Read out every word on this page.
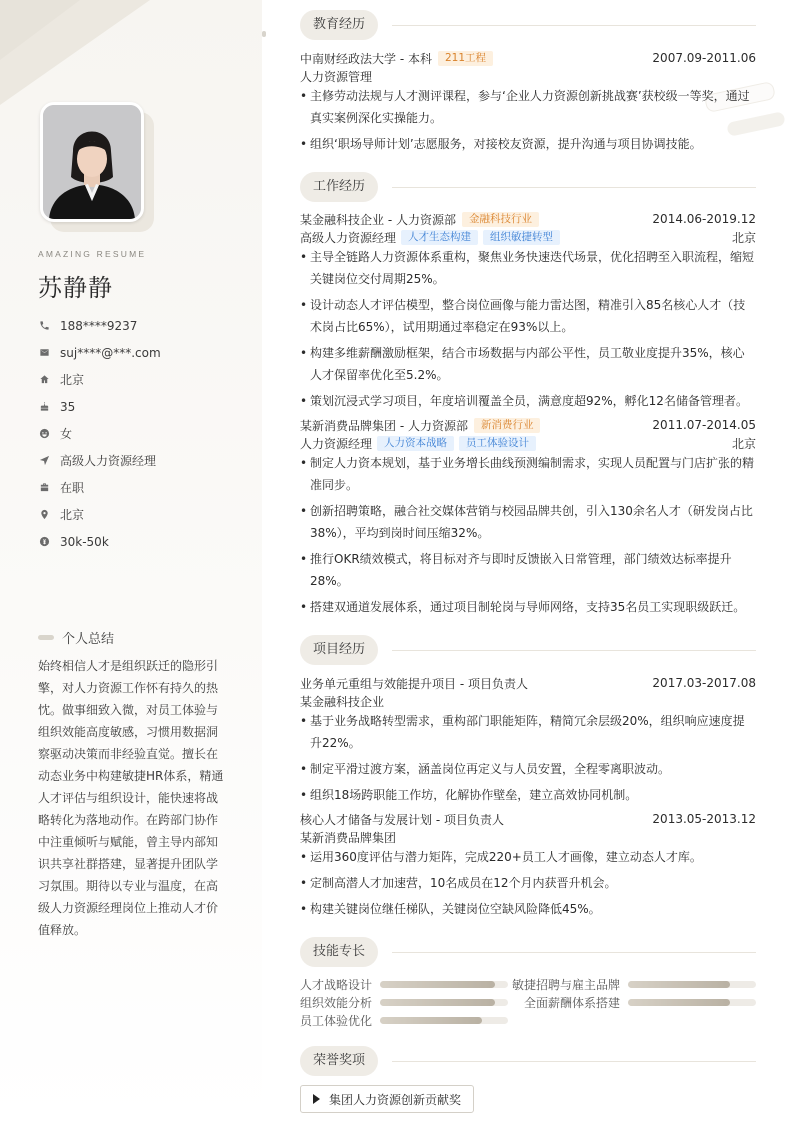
AMAZING RESUME
苏静静
188****9237
suj****@***.com
北京
35
女
高级人力资源经理
在职
北京
30k-50k
个人总结
始终相信人才是组织跃迁的隐形引擎，对人力资源工作怀有持久的热忱。做事细致入微，对员工体验与组织效能高度敏感，习惯用数据洞察驱动决策而非经验直觉。擅长在动态业务中构建敏捷HR体系，精通人才评估与组织设计，能快速将战略转化为落地动作。在跨部门协作中注重倾听与赋能，曾主导内部知识共享社群搭建，显著提升团队学习氛围。期待以专业与温度，在高级人力资源经理岗位上推动人才价值释放。
教育经历
中南财经政法大学 - 本科	211工程	2007.09-2011.06
人力资源管理
• 主修劳动法规与人才测评课程，参与‘企业人力资源创新挑战赛’获校级一等奖，通过真实案例深化实操能力。
• 组织‘职场导师计划’志愿服务，对接校友资源，提升沟通与项目协调技能。
工作经历
某金融科技企业 - 人力资源部	金融科技行业	2014.06-2019.12
高级人力资源经理	人才生态构建	组织敏捷转型	北京
• 主导全链路人力资源体系重构，聚焦业务快速迭代场景，优化招聘至入职流程，缩短关键岗位交付周期25%。
• 设计动态人才评估模型，整合岗位画像与能力雷达图，精准引入85名核心人才（技术岗占比65%），试用期通过率稳定在93%以上。
• 构建多维薪酬激励框架，结合市场数据与内部公平性，员工敬业度提升35%，核心人才保留率优化至5.2%。
• 策划沉浸式学习项目，年度培训覆盖全员，满意度超92%，孵化12名储备管理者。
某新消费品牌集团 - 人力资源部	新消费行业	2011.07-2014.05
人力资源经理	人力资本战略	员工体验设计	北京
• 制定人力资本规划，基于业务增长曲线预测编制需求，实现人员配置与门店扩张的精准同步。
• 创新招聘策略，融合社交媒体营销与校园品牌共创，引入130余名人才（研发岗占比38%），平均到岗时间压缩32%。
• 推行OKR绩效模式，将目标对齐与即时反馈嵌入日常管理，部门绩效达标率提升28%。
• 搭建双通道发展体系，通过项目制轮岗与导师网络，支持35名员工实现职级跃迁。
项目经历
业务单元重组与效能提升项目 - 项目负责人	2017.03-2017.08
某金融科技企业
• 基于业务战略转型需求，重构部门职能矩阵，精简冗余层级20%，组织响应速度提升22%。
• 制定平滑过渡方案，涵盖岗位再定义与人员安置，全程零离职波动。
• 组织18场跨职能工作坊，化解协作壁垒，建立高效协同机制。
核心人才储备与发展计划 - 项目负责人	2013.05-2013.12
某新消费品牌集团
• 运用360度评估与潜力矩阵，完成220+员工人才画像，建立动态人才库。
• 定制高潜人才加速营，10名成员在12个月内获晋升机会。
• 构建关键岗位继任梯队，关键岗位空缺风险降低45%。
技能专长
人才战略设计	敏捷招聘与雇主品牌
组织效能分析	全面薪酬体系搭建
员工体验优化
荣誉奖项
集团人力资源创新贡献奖
